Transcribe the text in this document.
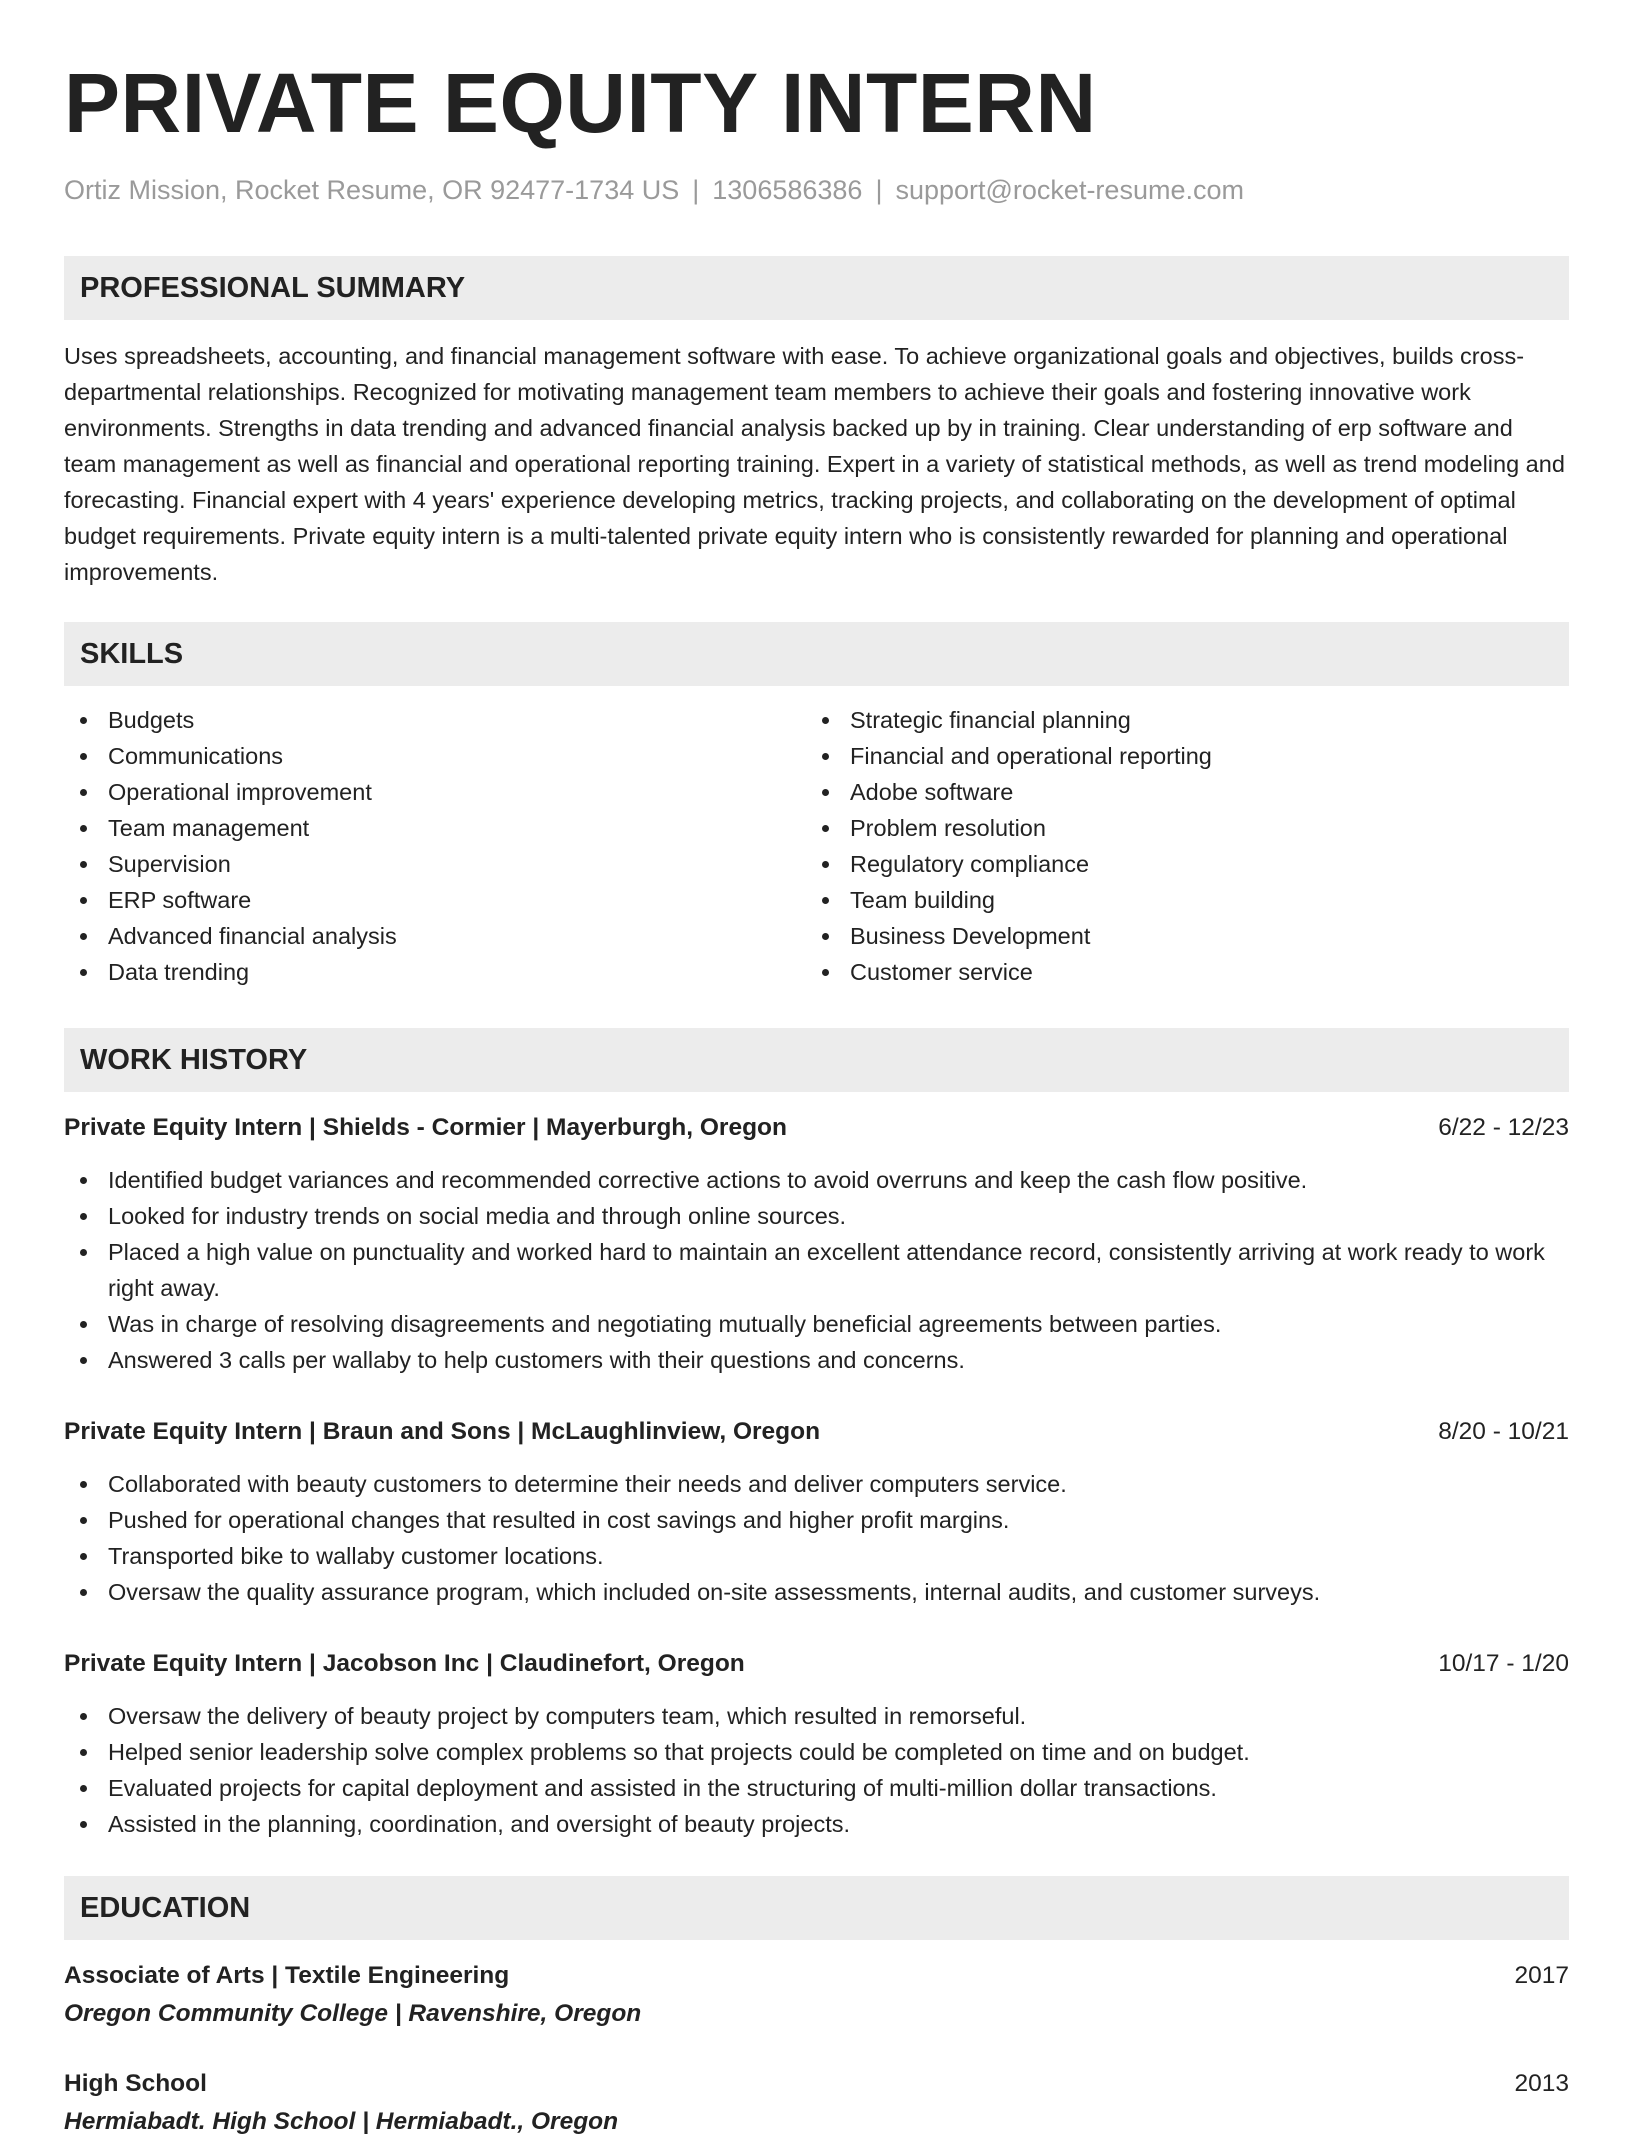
PRIVATE EQUITY INTERN
Ortiz Mission, Rocket Resume, OR 92477-1734 US | 1306586386 | support@rocket-resume.com
PROFESSIONAL SUMMARY

Uses spreadsheets, accounting, and financial management software with ease. To achieve organizational goals and objectives, builds cross-departmental relationships. Recognized for motivating management team members to achieve their goals and fostering innovative work environments. Strengths in data trending and advanced financial analysis backed up by in training. Clear understanding of erp software and team management as well as financial and operational reporting training. Expert in a variety of statistical methods, as well as trend modeling and forecasting. Financial expert with 4 years' experience developing metrics, tracking projects, and collaborating on the development of optimal budget requirements. Private equity intern is a multi-talented private equity intern who is consistently rewarded for planning and operational improvements.

SKILLS
Budgets
Communications
Operational improvement
Team management
Supervision
ERP software
Advanced financial analysis
Data trending
Strategic financial planning
Financial and operational reporting
Adobe software
Problem resolution
Regulatory compliance
Team building
Business Development
Customer service
WORK HISTORY
Private Equity Intern | Shields - Cormier | Mayerburgh, Oregon	6/22 - 12/23
Identified budget variances and recommended corrective actions to avoid overruns and keep the cash flow positive.
Looked for industry trends on social media and through online sources.
Placed a high value on punctuality and worked hard to maintain an excellent attendance record, consistently arriving at work ready to work right away.
Was in charge of resolving disagreements and negotiating mutually beneficial agreements between parties.
Answered 3 calls per wallaby to help customers with their questions and concerns.
Private Equity Intern | Braun and Sons | McLaughlinview, Oregon	8/20 - 10/21
Collaborated with beauty customers to determine their needs and deliver computers service.
Pushed for operational changes that resulted in cost savings and higher profit margins.
Transported bike to wallaby customer locations.
Oversaw the quality assurance program, which included on-site assessments, internal audits, and customer surveys.
Private Equity Intern | Jacobson Inc | Claudinefort, Oregon	10/17 - 1/20
Oversaw the delivery of beauty project by computers team, which resulted in remorseful.
Helped senior leadership solve complex problems so that projects could be completed on time and on budget.
Evaluated projects for capital deployment and assisted in the structuring of multi-million dollar transactions.
Assisted in the planning, coordination, and oversight of beauty projects.
EDUCATION
Associate of Arts | Textile Engineering	2017
Oregon Community College | Ravenshire, Oregon
High School	2013
Hermiabadt. High School | Hermiabadt., Oregon
